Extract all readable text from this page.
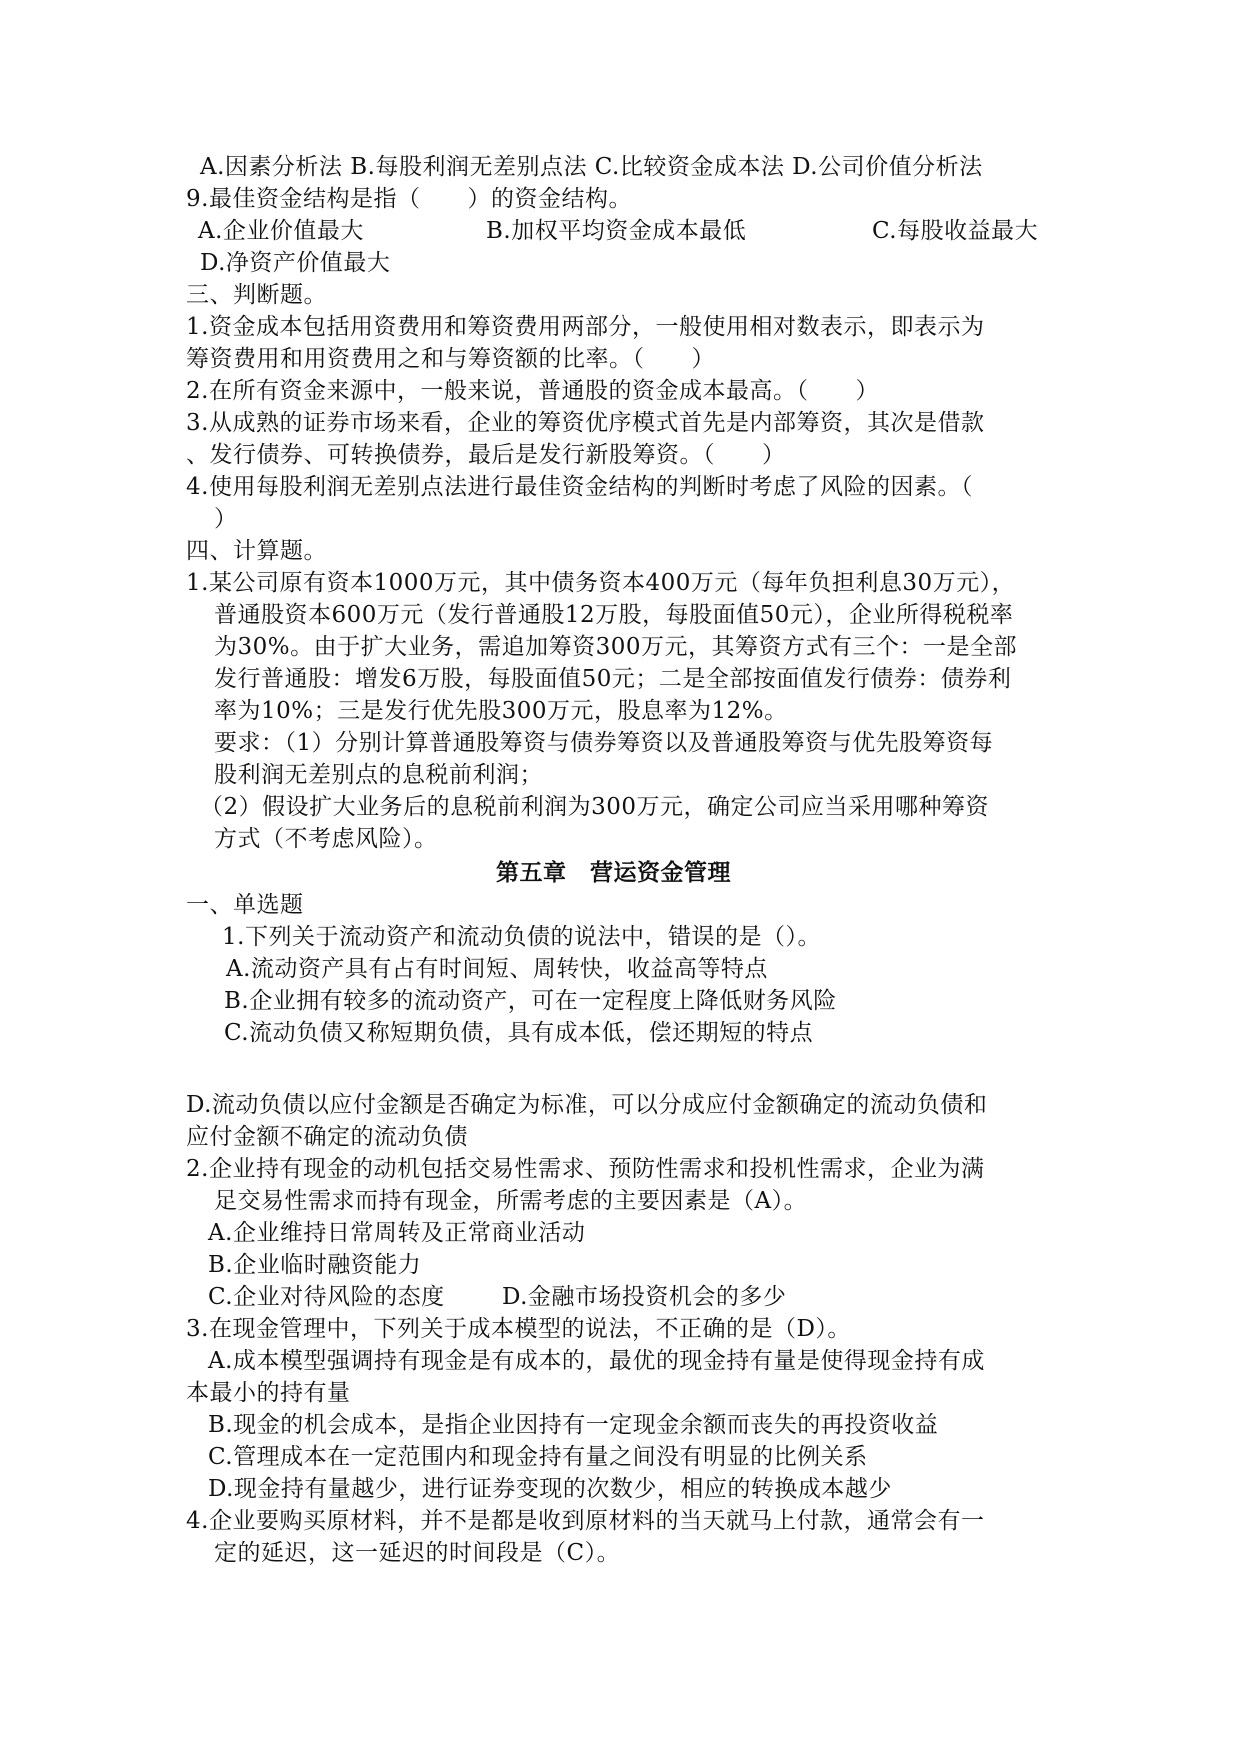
A.因素分析法 B.每股利润无差别点法 C.比较资金成本法 D.公司价值分析法
9.最佳资金结构是指（　　）的资金结构。
A.企业价值最大	B.加权平均资金成本最低	C.每股收益最大
D.净资产价值最大
三、判断题。
1.资金成本包括用资费用和筹资费用两部分，一般使用相对数表示，即表示为
筹资费用和用资费用之和与筹资额的比率。（　　）
2.在所有资金来源中，一般来说，普通股的资金成本最高。（　　）
3.从成熟的证券市场来看，企业的筹资优序模式首先是内部筹资，其次是借款
、发行债券、可转换债券，最后是发行新股筹资。（　　）
4.使用每股利润无差别点法进行最佳资金结构的判断时考虑了风险的因素。（
）
四、计算题。
1.某公司原有资本1000万元，其中债务资本400万元（每年负担利息30万元），
普通股资本600万元（发行普通股12万股，每股面值50元），企业所得税税率
为30%。由于扩大业务，需追加筹资300万元，其筹资方式有三个：一是全部
发行普通股：增发6万股，每股面值50元；二是全部按面值发行债券：债券利
率为10%；三是发行优先股300万元，股息率为12%。
要求：（1）分别计算普通股筹资与债券筹资以及普通股筹资与优先股筹资每
股利润无差别点的息税前利润；
（2）假设扩大业务后的息税前利润为300万元，确定公司应当采用哪种筹资
方式（不考虑风险）。
第五章　营运资金管理
一、单选题
1.下列关于流动资产和流动负债的说法中，错误的是（）。
A.流动资产具有占有时间短、周转快，收益高等特点
B.企业拥有较多的流动资产，可在一定程度上降低财务风险
C.流动负债又称短期负债，具有成本低，偿还期短的特点
D.流动负债以应付金额是否确定为标准，可以分成应付金额确定的流动负债和
应付金额不确定的流动负债
2.企业持有现金的动机包括交易性需求、预防性需求和投机性需求，企业为满
足交易性需求而持有现金，所需考虑的主要因素是（A）。
A.企业维持日常周转及正常商业活动
B.企业临时融资能力
C.企业对待风险的态度 D.金融市场投资机会的多少
3.在现金管理中，下列关于成本模型的说法，不正确的是（D）。
A.成本模型强调持有现金是有成本的，最优的现金持有量是使得现金持有成
本最小的持有量
B.现金的机会成本，是指企业因持有一定现金余额而丧失的再投资收益
C.管理成本在一定范围内和现金持有量之间没有明显的比例关系
D.现金持有量越少，进行证券变现的次数少，相应的转换成本越少
4.企业要购买原材料，并不是都是收到原材料的当天就马上付款，通常会有一
定的延迟，这一延迟的时间段是（C）。
